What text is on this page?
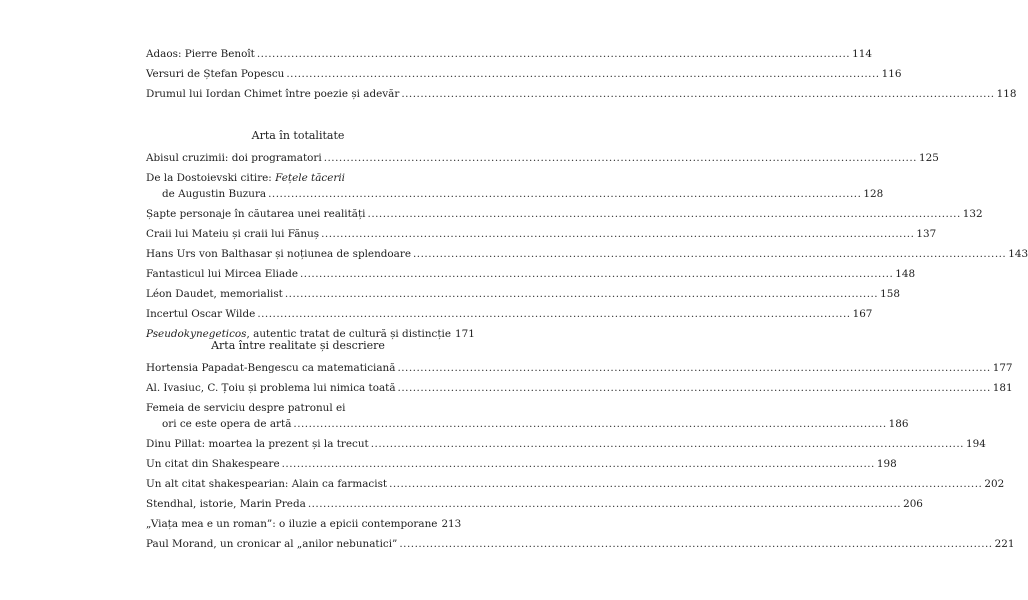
Adaos: Pierre Benoît ............................................................................................................................................................ 114
Versuri de Ștefan Popescu ............................................................................................................................................................ 116
Drumul lui Iordan Chimet între poezie și adevăr ............................................................................................................................................................ 118
Arta în totalitate
Abisul cruzimii: doi programatori ............................................................................................................................................................ 125
De la Dostoievski citire: Fețele tăcerii
de Augustin Buzura ............................................................................................................................................................ 128
Șapte personaje în căutarea unei realități ............................................................................................................................................................ 132
Craii lui Mateiu și craii lui Fănuș ............................................................................................................................................................ 137
Hans Urs von Balthasar și noțiunea de splendoare ............................................................................................................................................................ 143
Fantasticul lui Mircea Eliade ............................................................................................................................................................ 148
Léon Daudet, memorialist ............................................................................................................................................................ 158
Incertul Oscar Wilde ............................................................................................................................................................ 167
Pseudokynegeticos, autentic tratat de cultură și distincție 171
Arta între realitate și descriere
Hortensia Papadat-Bengescu ca matematiciană ............................................................................................................................................................ 177
Al. Ivasiuc, C. Țoiu și problema lui nimica toată ............................................................................................................................................................ 181
Femeia de serviciu despre patronul ei
ori ce este opera de artă ............................................................................................................................................................ 186
Dinu Pillat: moartea la prezent și la trecut ............................................................................................................................................................ 194
Un citat din Shakespeare ............................................................................................................................................................ 198
Un alt citat shakespearian: Alain ca farmacist ............................................................................................................................................................ 202
Stendhal, istorie, Marin Preda ............................................................................................................................................................ 206
„Viața mea e un roman”: o iluzie a epicii contemporane 213
Paul Morand, un cronicar al „anilor nebunatici” ............................................................................................................................................................ 221
